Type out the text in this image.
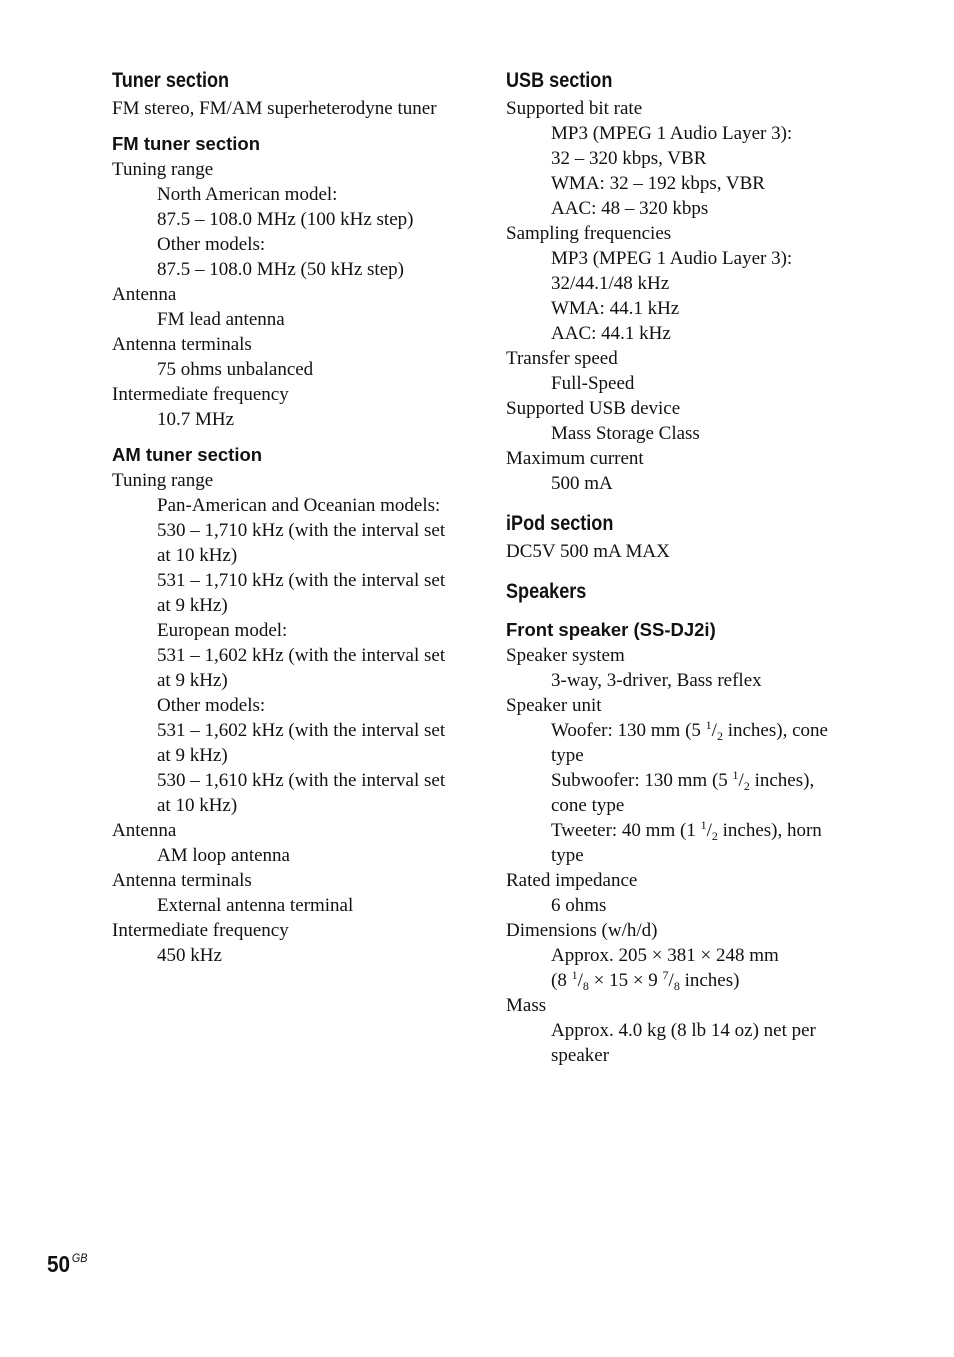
Tuner section
FM stereo, FM/AM superheterodyne tuner
FM tuner section
Tuning range
North American model:
87.5 – 108.0 MHz (100 kHz step)
Other models:
87.5 – 108.0 MHz (50 kHz step)
Antenna
FM lead antenna
Antenna terminals
75 ohms unbalanced
Intermediate frequency
10.7 MHz
AM tuner section
Tuning range
Pan-American and Oceanian models:
530 – 1,710 kHz (with the interval set
at 10 kHz)
531 – 1,710 kHz (with the interval set
at 9 kHz)
European model:
531 – 1,602 kHz (with the interval set
at 9 kHz)
Other models:
531 – 1,602 kHz (with the interval set
at 9 kHz)
530 – 1,610 kHz (with the interval set
at 10 kHz)
Antenna
AM loop antenna
Antenna terminals
External antenna terminal
Intermediate frequency
450 kHz
USB section
Supported bit rate
MP3 (MPEG 1 Audio Layer 3):
32 – 320 kbps, VBR
WMA: 32 – 192 kbps, VBR
AAC: 48 – 320 kbps
Sampling frequencies
MP3 (MPEG 1 Audio Layer 3):
32/44.1/48 kHz
WMA: 44.1 kHz
AAC: 44.1 kHz
Transfer speed
Full-Speed
Supported USB device
Mass Storage Class
Maximum current
500 mA
iPod section
DC5V 500 mA MAX
Speakers
Front speaker (SS-DJ2i)
Speaker system
3-way, 3-driver, Bass reflex
Speaker unit
Woofer: 130 mm (5 $^1/_2$ inches), cone
type
Subwoofer: 130 mm (5 $^1/_2$ inches),
cone type
Tweeter: 40 mm (1 $^1/_2$ inches), horn
type
Rated impedance
6 ohms
Dimensions (w/h/d)
Approx. 205 × 381 × 248 mm
(8 $^1/_8 \times 15 \times 9$ $^7/_8$ inches)
Mass
Approx. 4.0 kg (8 lb 14 oz) net per
speaker
50 $^{GB}$
